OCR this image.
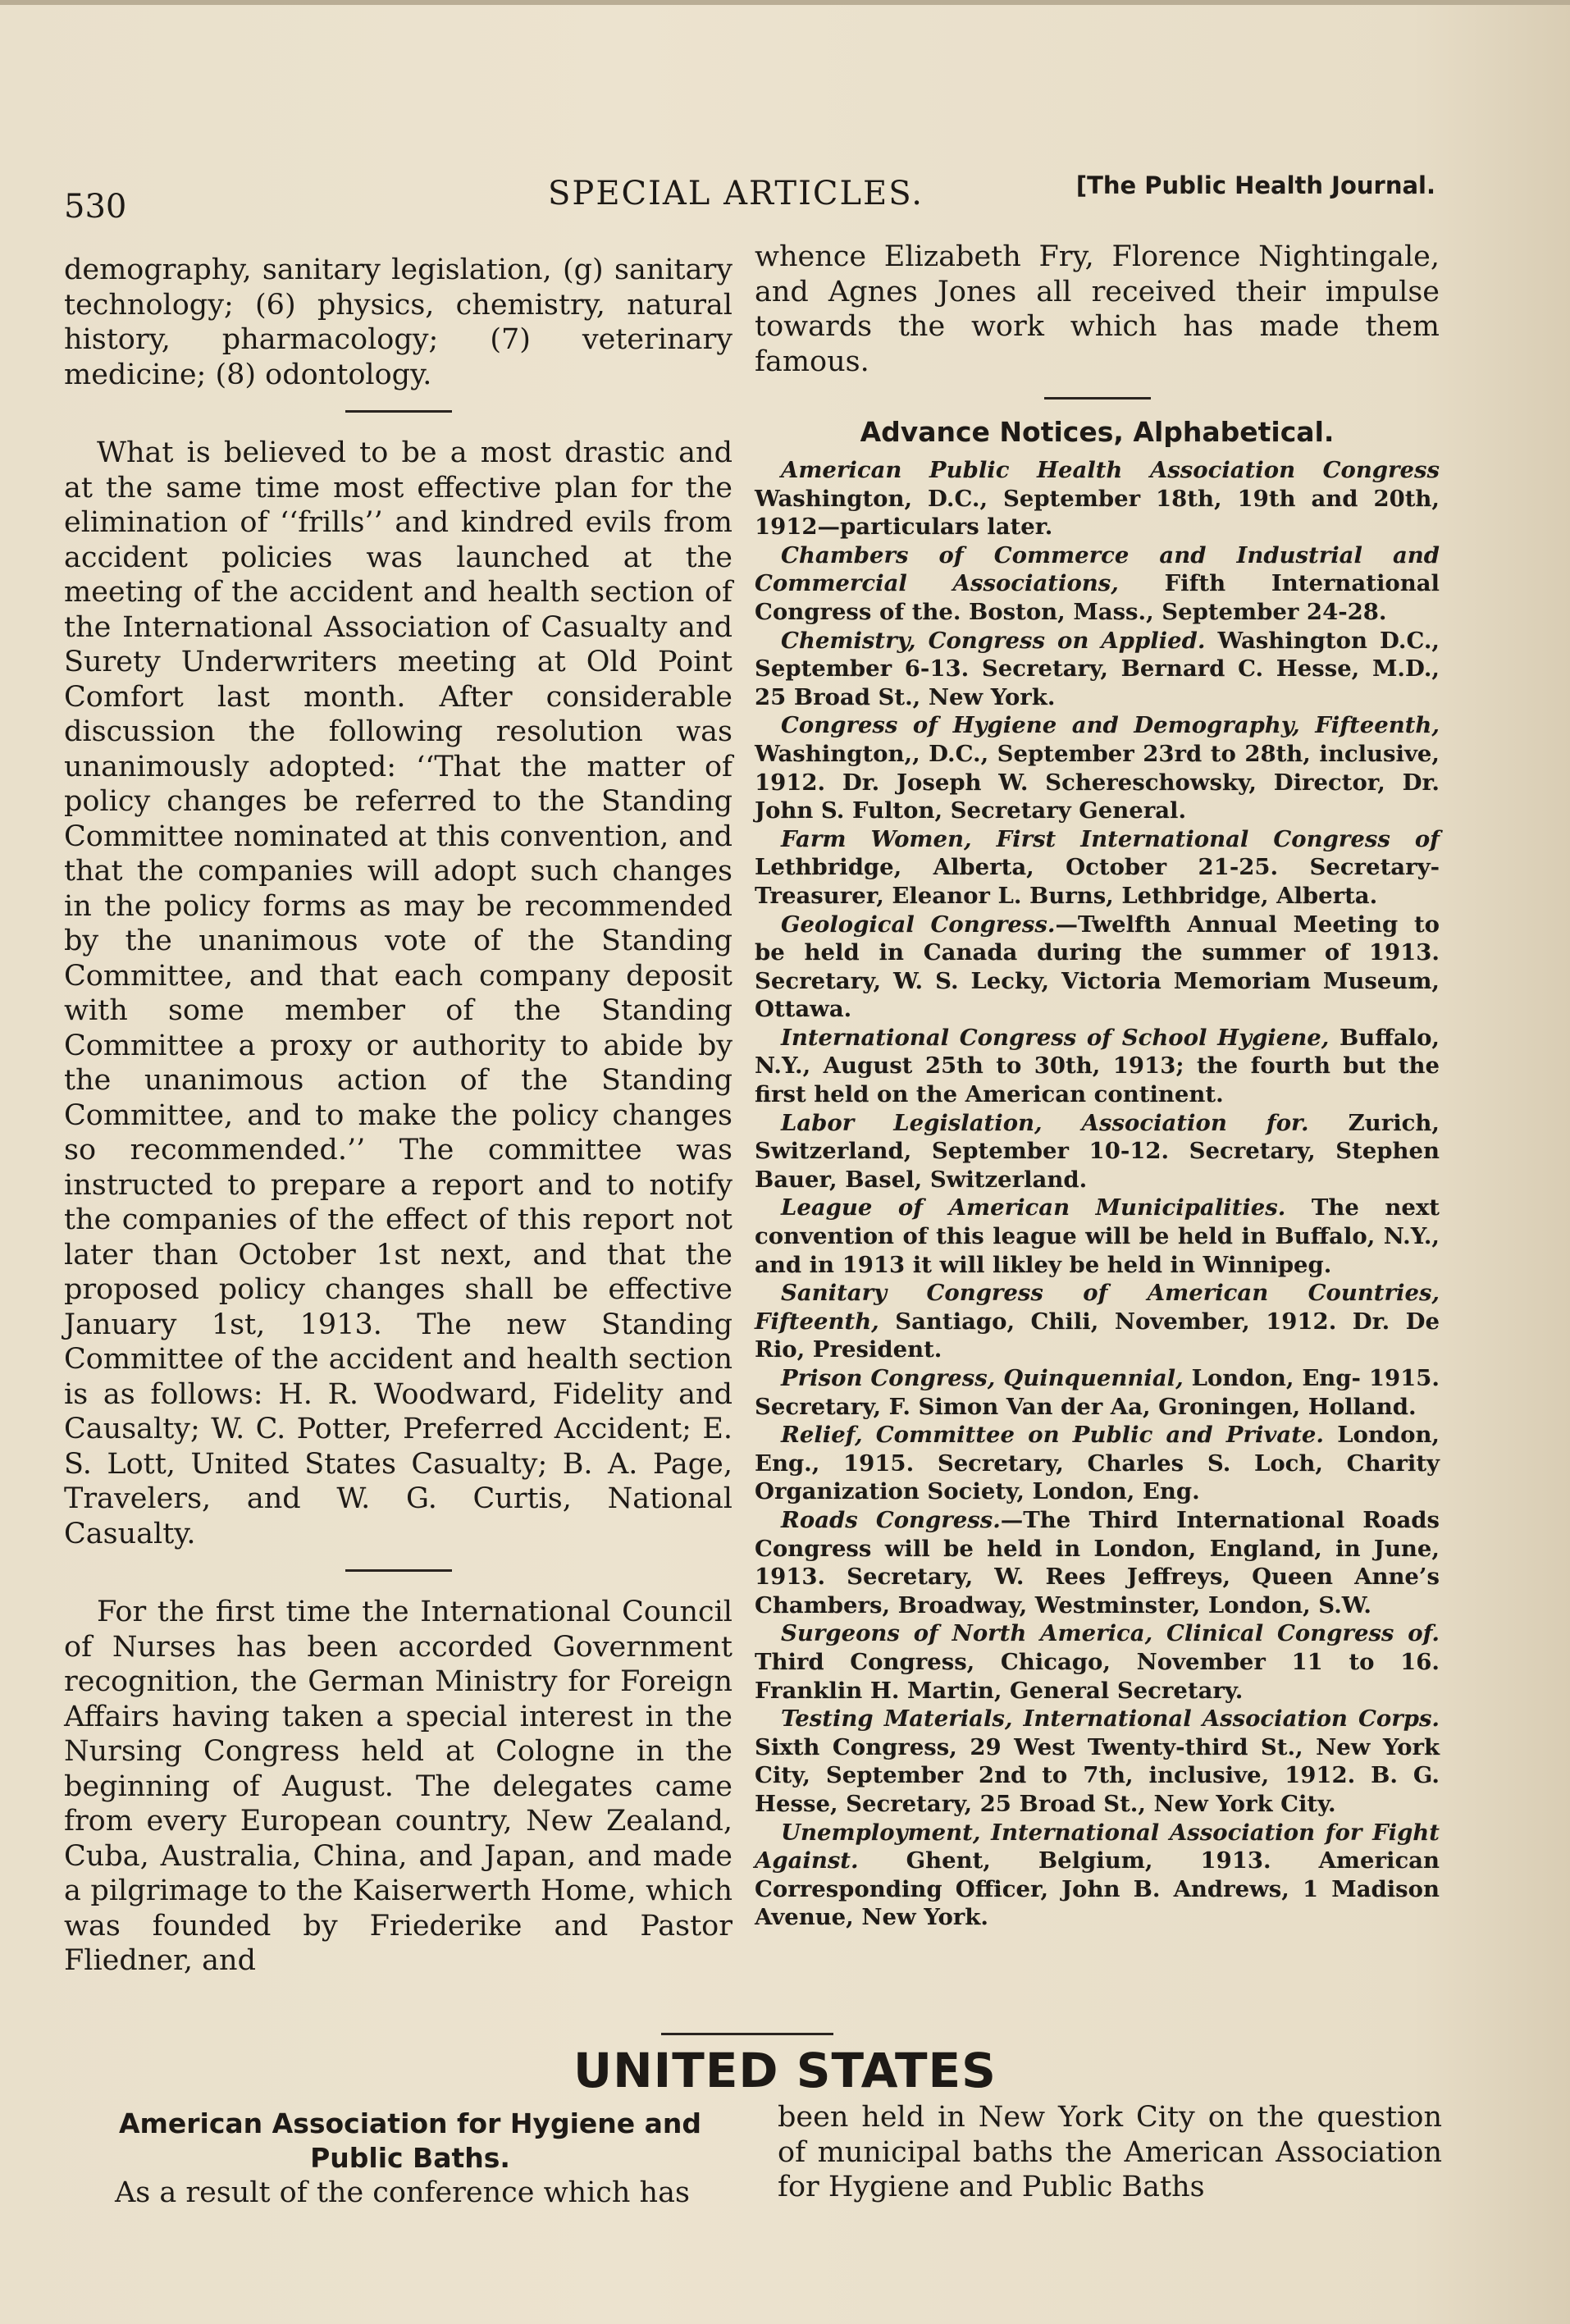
530	SPECIAL ARTICLES.	[The Public Health Journal.

demography, sanitary legislation, (g) sanitary technology; (6) physics, chemistry, natural history, pharmacology; (7) veterinary medicine; (8) odontology.

What is believed to be a most drastic and at the same time most effective plan for the elimination of ‘‘frills’’ and kindred evils from accident policies was launched at the meeting of the accident and health section of the International Association of Casualty and Surety Underwriters meeting at Old Point Comfort last month. After considerable discussion the following resolution was unanimously adopted: ‘‘That the matter of policy changes be referred to the Standing Committee nominated at this convention, and that the companies will adopt such changes in the policy forms as may be recommended by the unanimous vote of the Standing Committee, and that each company deposit with some member of the Standing Committee a proxy or authority to abide by the unanimous action of the Standing Committee, and to make the policy changes so recommended.’’ The committee was instructed to prepare a report and to notify the companies of the effect of this report not later than October 1st next, and that the proposed policy changes shall be effective January 1st, 1913. The new Standing Committee of the accident and health section is as follows: H. R. Woodward, Fidelity and Causalty; W. C. Potter, Preferred Accident; E. S. Lott, United States Casualty; B. A. Page, Travelers, and W. G. Curtis, National Casualty.

For the first time the International Council of Nurses has been accorded Government recognition, the German Ministry for Foreign Affairs having taken a special interest in the Nursing Congress held at Cologne in the beginning of August. The delegates came from every European country, New Zealand, Cuba, Australia, China, and Japan, and made a pilgrimage to the Kaiserwerth Home, which was founded by Friederike and Pastor Fliedner, and

whence Elizabeth Fry, Florence Nightingale, and Agnes Jones all received their impulse towards the work which has made them famous.

Advance Notices, Alphabetical.

American Public Health Association Congress Washington, D.C., September 18th, 19th and 20th, 1912—particulars later.

Chambers of Commerce and Industrial and Commercial Associations, Fifth International Congress of the. Boston, Mass., September 24-28.

Chemistry, Congress on Applied. Washington D.C., September 6-13. Secretary, Bernard C. Hesse, M.D., 25 Broad St., New York.

Congress of Hygiene and Demography, Fifteenth, Washington,, D.C., September 23rd to 28th, inclusive, 1912. Dr. Joseph W. Schereschowsky, Director, Dr. John S. Fulton, Secretary General.

Farm Women, First International Congress of Lethbridge, Alberta, October 21-25. Secretary-Treasurer, Eleanor L. Burns, Lethbridge, Alberta.

Geological Congress.—Twelfth Annual Meeting to be held in Canada during the summer of 1913. Secretary, W. S. Lecky, Victoria Memoriam Museum, Ottawa.

International Congress of School Hygiene, Buffalo, N.Y., August 25th to 30th, 1913; the fourth but the first held on the American continent.

Labor Legislation, Association for. Zurich, Switzerland, September 10-12. Secretary, Stephen Bauer, Basel, Switzerland.

League of American Municipalities. The next convention of this league will be held in Buffalo, N.Y., and in 1913 it will likley be held in Winnipeg.

Sanitary Congress of American Countries, Fifteenth, Santiago, Chili, November, 1912. Dr. De Rio, President.

Prison Congress, Quinquennial, London, Eng- 1915. Secretary, F. Simon Van der Aa, Groningen, Holland.

Relief, Committee on Public and Private. London, Eng., 1915. Secretary, Charles S. Loch, Charity Organization Society, London, Eng.

Roads Congress.—The Third International Roads Congress will be held in London, England, in June, 1913. Secretary, W. Rees Jeffreys, Queen Anne’s Chambers, Broadway, Westminster, London, S.W.

Surgeons of North America, Clinical Congress of. Third Congress, Chicago, November 11 to 16. Franklin H. Martin, General Secretary.

Testing Materials, International Association Corps. Sixth Congress, 29 West Twenty-third St., New York City, September 2nd to 7th, inclusive, 1912. B. G. Hesse, Secretary, 25 Broad St., New York City.

Unemployment, International Association for Fight Against. Ghent, Belgium, 1913. American Corresponding Officer, John B. Andrews, 1 Madison Avenue, New York.

UNITED STATES
American Association for Hygiene and
Public Baths.

As a result of the conference which has

been held in New York City on the question of municipal baths the American Association for Hygiene and Public Baths
